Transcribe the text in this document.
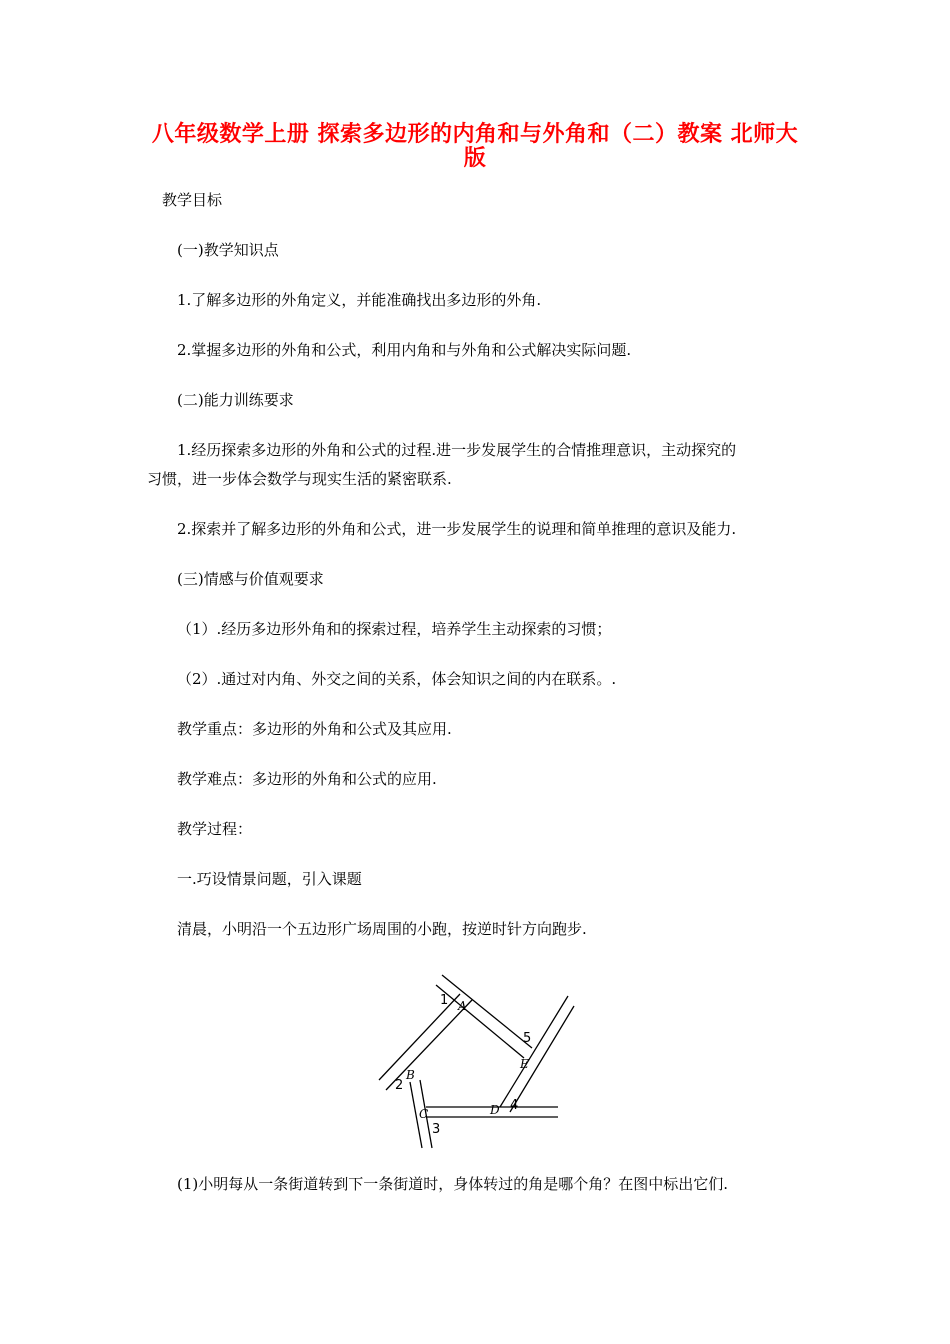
八年级数学上册 探索多边形的内角和与外角和（二）教案 北师大
版
教学目标
(一)教学知识点
1.了解多边形的外角定义，并能准确找出多边形的外角.
2.掌握多边形的外角和公式，利用内角和与外角和公式解决实际问题.
(二)能力训练要求
1.经历探索多边形的外角和公式的过程.进一步发展学生的合情推理意识，主动探究的
习惯，进一步体会数学与现实生活的紧密联系.
2.探索并了解多边形的外角和公式，进一步发展学生的说理和简单推理的意识及能力.
(三)情感与价值观要求
（1）.经历多边形外角和的探索过程，培养学生主动探索的习惯；
（2）.通过对内角、外交之间的关系，体会知识之间的内在联系。.
教学重点：多边形的外角和公式及其应用.
教学难点：多边形的外角和公式的应用.
教学过程：
一.巧设情景问题，引入课题
清晨，小明沿一个五边形广场周围的小跑，按逆时针方向跑步.
1 A
B
2
C
3
D 4
E
5
(1)小明每从一条街道转到下一条街道时，身体转过的角是哪个角？在图中标出它们.
